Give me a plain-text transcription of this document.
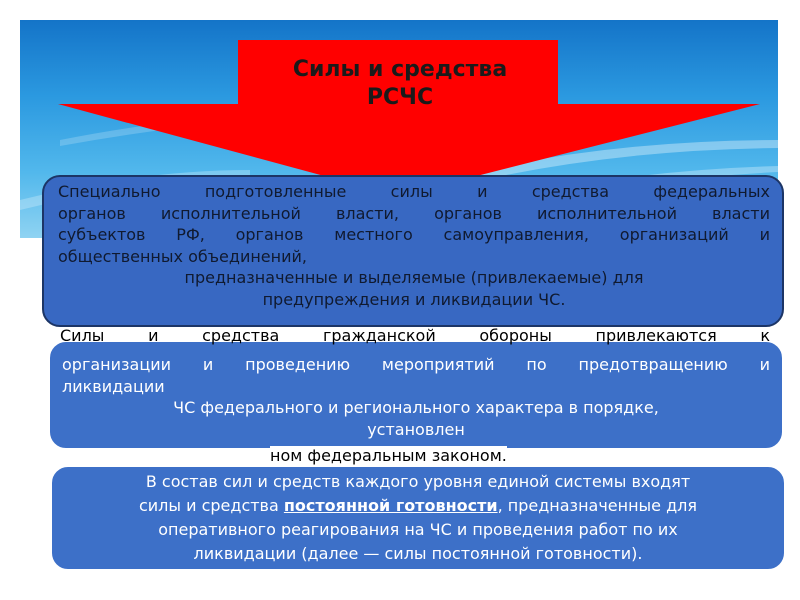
Силы и средства
РСЧС
Специально подготовленные силы и средства федеральных
органов исполнительной власти, органов исполнительной власти
субъектов РФ, органов местного самоуправления, организаций и
общественных объединений,
предназначенные и выделяемые (привлекаемые) для
предупреждения и ликвидации ЧС.
организации и проведению мероприятий по предотвращению и
ликвидации
ЧС федерального и регионального характера в порядке,
установлен
Силы и средства гражданской обороны привлекаются к
ном федеральным законом.
В состав сил и средств каждого уровня единой системы входят
силы и средства постоянной готовности, предназначенные для
оперативного реагирования на ЧС и проведения работ по их
ликвидации (далее — силы постоянной готовности).
